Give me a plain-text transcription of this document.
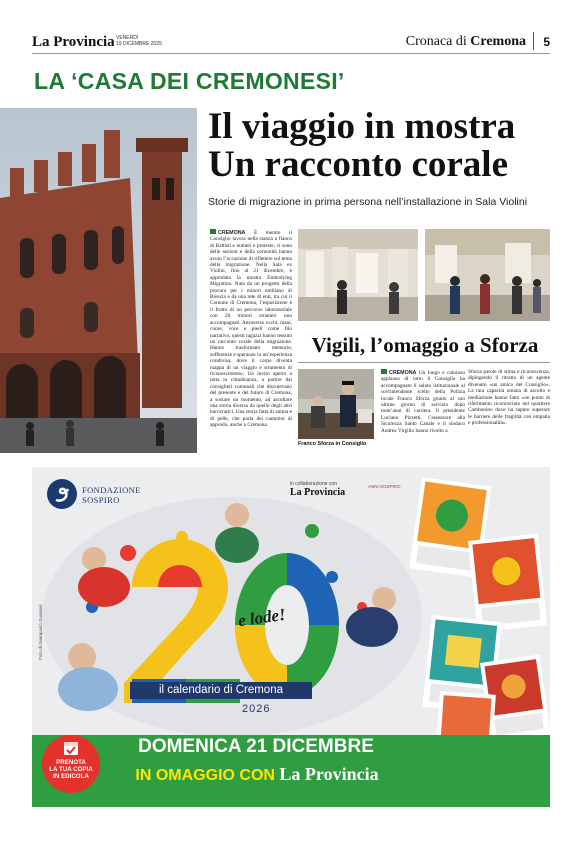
La Provincia VENERDÌ
19 DICEMBRE 2025	Cronaca di Cremona 5
LA ‘CASA DEI CREMONESI’
Il viaggio in mostra
Un racconto corale
Storie di migrazione in prima persona nell’installazione in Sala Violini
CREMONA È mentre il Consiglio lavora nella stanza a fianco di Battisti e numeri e proteste, ci sono delle sezioni e della comunità hanno avuto l’occasione di riflettere sul tema della migrazione. Nella Sala ex Violini, fino al 21 dicembre, è approdata la mostra Embodying Migration. Nata da un progetto della procura per i minori emiliano di Brescia e da una rete di enti, tra cui il Comune di Cremona, l’esposizione è il frutto di un percorso laboratoriale con 20 minori stranieri non accompagnati. Attraverso occhi, mani, cuore, voce e piedi come filo narrativo, questi ragazzi hanno tessuto un racconto corale della migrazione. Hanno trasformato memorie, sofferenze e speranze in un’esperienza condivisa, dove il corpo diventa mappa di un viaggio e strumento di riconoscimento. Un invito aperto a tutta la cittadinanza, a partire dai consiglieri comunali che discutevano del presente e del futuro di Cremona, a sostare un momento, ad ascoltare una storia diversa da quello degli altri burocratici. Una storia fatta di anima e di pelle, che parla dei cammini di approdo, anche a Cremona.
Vigili, l’omaggio a Sforza
Franco Sforza in Consiglio
CREMONA Un lungo e caloroso applauso di tutto il Consiglio ha accompagnato il saluto istituzionale al sovrintendente scelto della Polizia locale Franco Sforza giunto al suo ultimo giorno di servizio dopo trent’anni di carriera. Il presidente Luciano Pizzetti, l’assessore alla Sicurezza Santo Canale e il sindaco Andrea Virgilio hanno rivolto a
Sforza parole di stima e riconoscenza, dipingendo il ritratto di un agente divenuto «un amico del Consiglio». La rara capacità umana di ascolto e mediazione hanno fatto «un punto di riferimento riconosciuto nel quartiere Cambonino dove ha saputo superare le barriere delle fragilità con empatia e professionalità».
FONDAZIONE
SOSPIRO
in collaborazione con
La Provincia
ANNI SOSPIRO
Foto di Giampaolo Guarneri	e lode!
il calendario di Cremona
2026
PRENOTA
LA TUA COPIA
IN EDICOLA
DOMENICA 21 DICEMBRE
IN OMAGGIO CON La Provincia
